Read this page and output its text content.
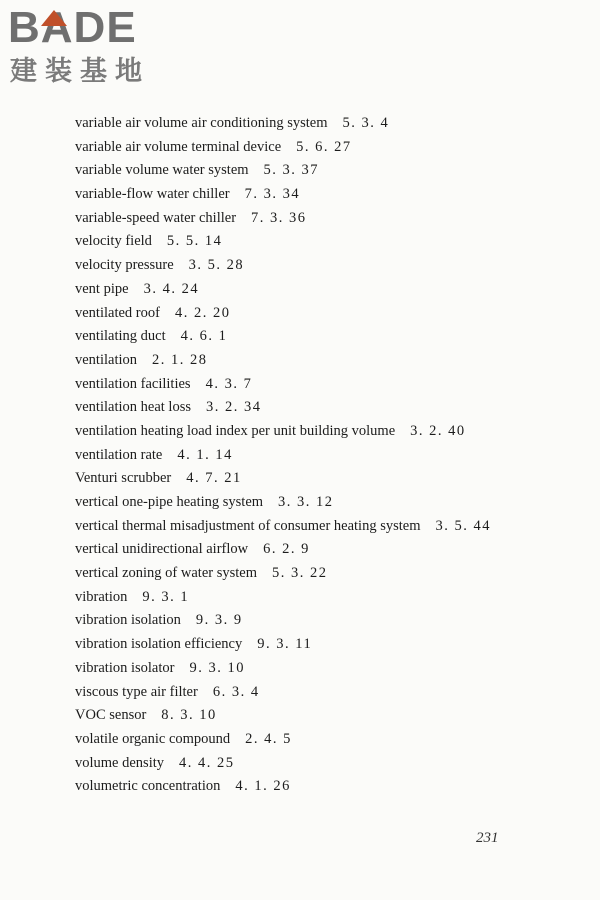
BADE
建装基地
variable air volume air conditioning system 5. 3. 4
variable air volume terminal device 5. 6. 27
variable volume water system 5. 3. 37
variable-flow water chiller 7. 3. 34
variable-speed water chiller 7. 3. 36
velocity field 5. 5. 14
velocity pressure 3. 5. 28
vent pipe 3. 4. 24
ventilated roof 4. 2. 20
ventilating duct 4. 6. 1
ventilation 2. 1. 28
ventilation facilities 4. 3. 7
ventilation heat loss 3. 2. 34
ventilation heating load index per unit building volume 3. 2. 40
ventilation rate 4. 1. 14
Venturi scrubber 4. 7. 21
vertical one-pipe heating system 3. 3. 12
vertical thermal misadjustment of consumer heating system 3. 5. 44
vertical unidirectional airflow 6. 2. 9
vertical zoning of water system 5. 3. 22
vibration 9. 3. 1
vibration isolation 9. 3. 9
vibration isolation efficiency 9. 3. 11
vibration isolator 9. 3. 10
viscous type air filter 6. 3. 4
VOC sensor 8. 3. 10
volatile organic compound 2. 4. 5
volume density 4. 4. 25
volumetric concentration 4. 1. 26
231
